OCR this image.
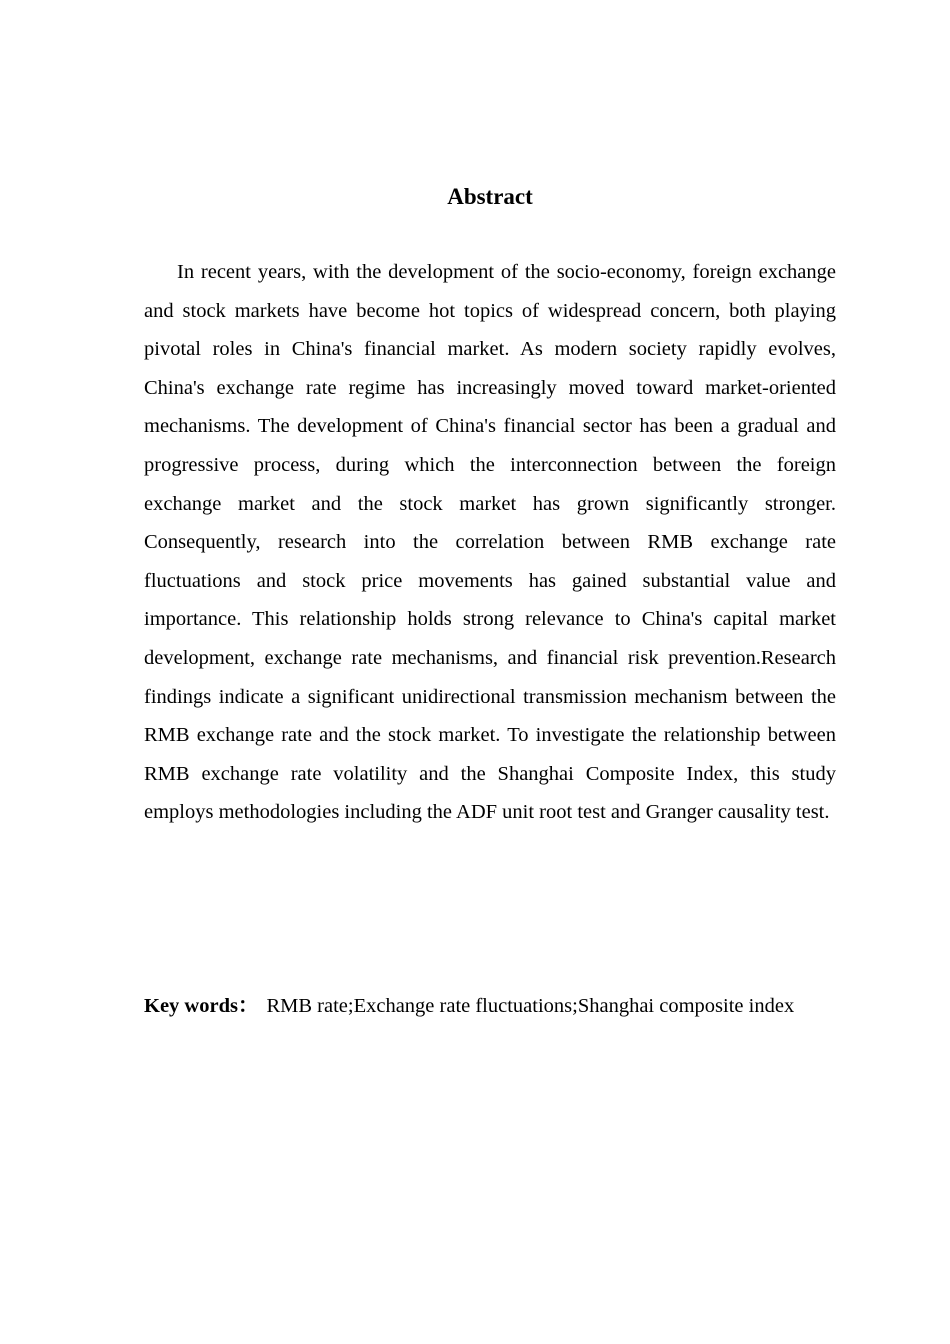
Abstract

In recent years, with the development of the socio-economy, foreign exchange and stock markets have become hot topics of widespread concern, both playing pivotal roles in China's financial market. As modern society rapidly evolves, China's exchange rate regime has increasingly moved toward market-oriented mechanisms. The development of China's financial sector has been a gradual and progressive process, during which the interconnection between the foreign exchange market and the stock market has grown significantly stronger. Consequently, research into the correlation between RMB exchange rate fluctuations and stock price movements has gained substantial value and importance. This relationship holds strong relevance to China's capital market development, exchange rate mechanisms, and financial risk prevention.Research findings indicate a significant unidirectional transmission mechanism between the RMB exchange rate and the stock market. To investigate the relationship between RMB exchange rate volatility and the Shanghai Composite Index, this study employs methodologies including the ADF unit root test and Granger causality test.

Key words： RMB rate;Exchange rate fluctuations;Shanghai composite index
